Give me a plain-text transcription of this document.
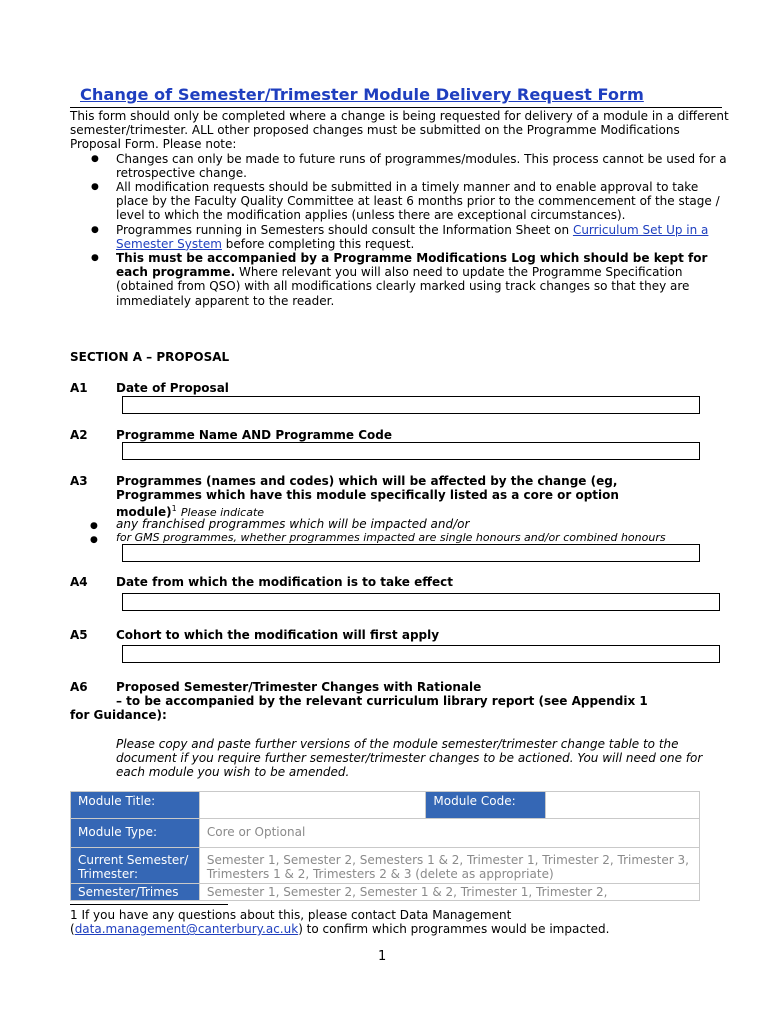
Change of Semester/Trimester Module Delivery Request Form
This form should only be completed where a change is being requested for delivery of a module in a different semester/trimester. ALL other proposed changes must be submitted on the Programme Modifications Proposal Form. Please note:
● Changes can only be made to future runs of programmes/modules. This process cannot be used for a retrospective change.
● All modification requests should be submitted in a timely manner and to enable approval to take place by the Faculty Quality Committee at least 6 months prior to the commencement of the stage / level to which the modification applies (unless there are exceptional circumstances).
● Programmes running in Semesters should consult the Information Sheet on Curriculum Set Up in a Semester System before completing this request.
● This must be accompanied by a Programme Modifications Log which should be kept for each programme. Where relevant you will also need to update the Programme Specification (obtained from QSO) with all modifications clearly marked using track changes so that they are immediately apparent to the reader.
SECTION A – PROPOSAL
A1 Date of Proposal
A2 Programme Name AND Programme Code
A3 Programmes (names and codes) which will be affected by the change (eg, Programmes which have this module specifically listed as a core or option module)$^1$ Please indicate
● any franchised programmes which will be impacted and/or
● for GMS programmes, whether programmes impacted are single honours and/or combined honours
A4 Date from which the modification is to take effect
A5 Cohort to which the modification will first apply
A6 Proposed Semester/Trimester Changes with Rationale
– to be accompanied by the relevant curriculum library report (see Appendix 1
for Guidance):
Please copy and paste further versions of the module semester/trimester change table to the document if you require further semester/trimester changes to be actioned. You will need one for each module you wish to be amended.
Module Title:		Module Code:	
Module Type:	Core or Optional		
Current Semester/ Trimester:	Semester 1, Semester 2, Semesters 1 & 2, Trimester 1, Trimester 2, Trimester 3, Trimesters 1 & 2, Trimesters 2 & 3 (delete as appropriate)		
Semester/Trimes	Semester 1, Semester 2, Semester 1 & 2, Trimester 1, Trimester 2,		
1 If you have any questions about this, please contact Data Management (data.management@canterbury.ac.uk) to confirm which programmes would be impacted.
1
